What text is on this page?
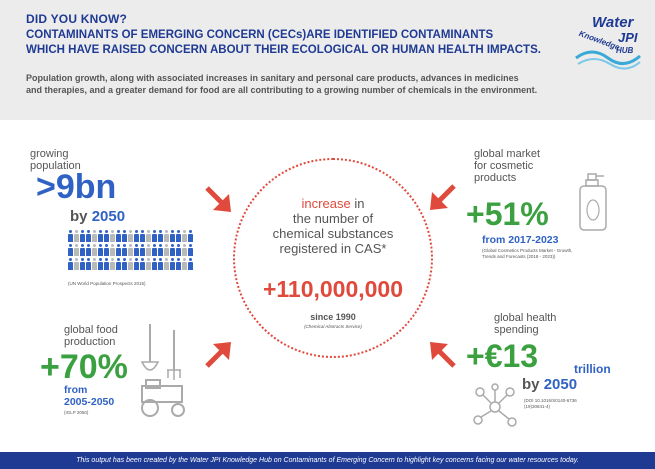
DID YOU KNOW?
CONTAMINANTS OF EMERGING CONCERN (CECs)ARE IDENTIFIED CONTAMINANTS
WHICH HAVE RAISED CONCERN ABOUT THEIR ECOLOGICAL OR HUMAN HEALTH IMPACTS.
Population growth, along with associated increases in sanitary and personal care products, advances in medicines
and therapies, and a greater demand for food are all contributing to a growing number of chemicals in the environment.
Water
JPI
Knowledge
HUB
growing
population
>9bn
by 2050
(UN World Population Prospects 2015)
global market
for cosmetic
products
+51%
from 2017-2023
(Global Cosmetics Products Market - Growth,
Trends and Forecasts (2018 - 2023))
increase in
the number of
chemical substances
registered in CAS*
+110,000,000
since 1990
(Chemical Abstracts Service)
global food
production
+70%
from
2005-2050
(IGLP 2050)
global health
spending
+€13	trillion
by 2050
(DOI 10.1016/S0140-6736
(19)30841-4)
This output has been created by the Water JPI Knowledge Hub on Contaminants of Emerging Concern to highlight key concerns facing our water resources today.
